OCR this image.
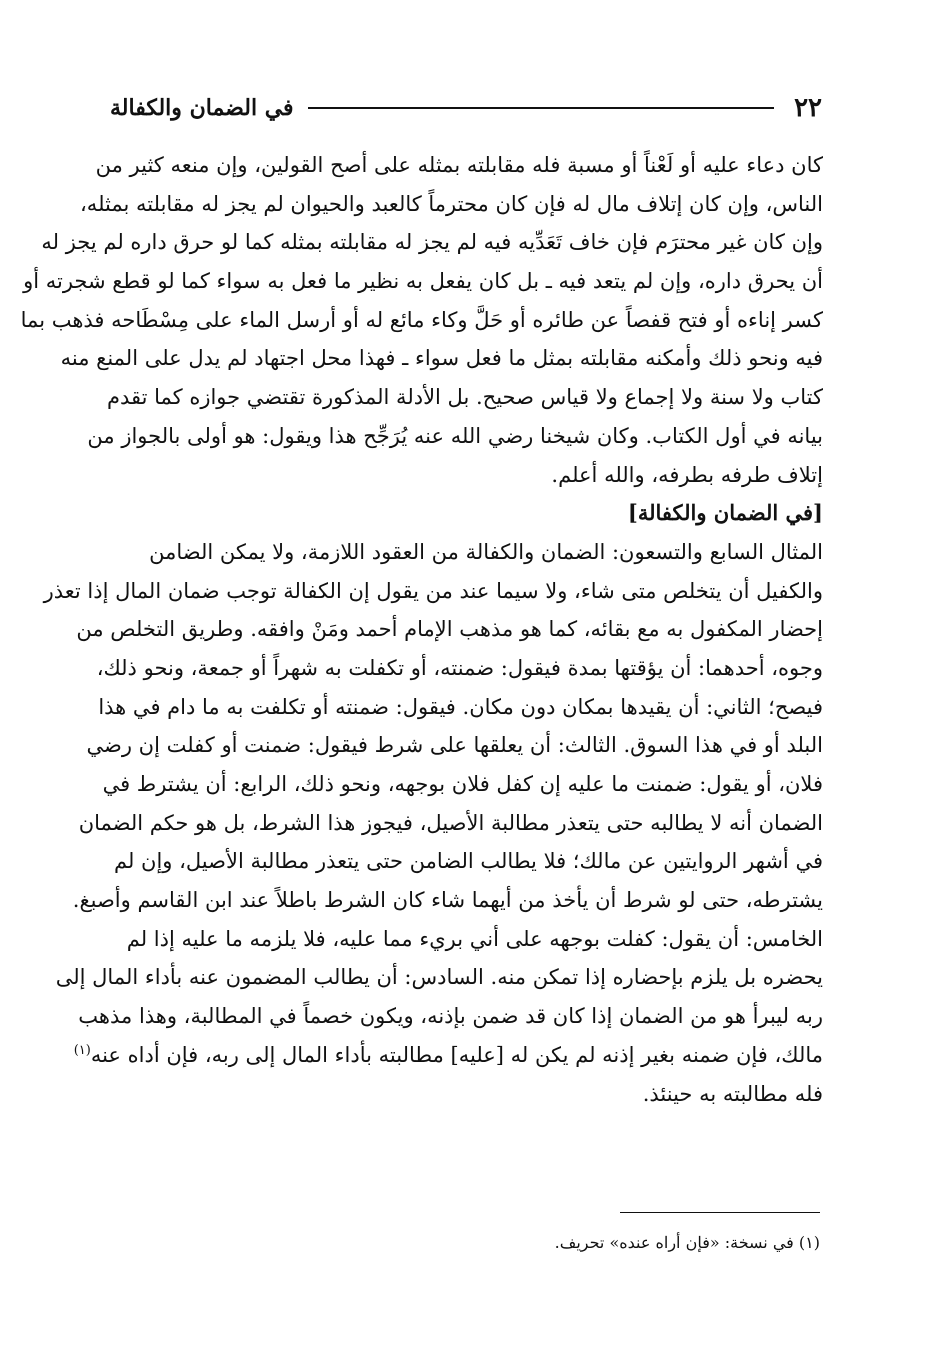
٢٢
في الضمان والكفالة
كان دعاء عليه أو لَعْناً أو مسبة فله مقابلته بمثله على أصح القولين، وإن منعه كثير من
الناس، وإن كان إتلاف مال له فإن كان محترماً كالعبد والحيوان لم يجز له مقابلته بمثله،
وإن كان غير محترَم فإن خاف تَعَدِّيه فيه لم يجز له مقابلته بمثله كما لو حرق داره لم يجز له
أن يحرق داره، وإن لم يتعد فيه ـ بل كان يفعل به نظير ما فعل به سواء كما لو قطع شجرته أو
كسر إناءه أو فتح قفصاً عن طائره أو حَلَّ وكاء مائع له أو أرسل الماء على مِسْطَاحه فذهب بما
فيه ونحو ذلك وأمكنه مقابلته بمثل ما فعل سواء ـ فهذا محل اجتهاد لم يدل على المنع منه
كتاب ولا سنة ولا إجماع ولا قياس صحيح. بل الأدلة المذكورة تقتضي جوازه كما تقدم
بيانه في أول الكتاب. وكان شيخنا رضي الله عنه يُرَجِّح هذا ويقول: هو أولى بالجواز من
إتلاف طرفه بطرفه، والله أعلم.
[في الضمان والكفالة]
المثال السابع والتسعون: الضمان والكفالة من العقود اللازمة، ولا يمكن الضامن
والكفيل أن يتخلص متى شاء، ولا سيما عند من يقول إن الكفالة توجب ضمان المال إذا تعذر
إحضار المكفول به مع بقائه، كما هو مذهب الإمام أحمد ومَنْ وافقه. وطريق التخلص من
وجوه، أحدهما: أن يؤقتها بمدة فيقول: ضمنته، أو تكفلت به شهراً أو جمعة، ونحو ذلك،
فيصح؛ الثاني: أن يقيدها بمكان دون مكان. فيقول: ضمنته أو تكلفت به ما دام في هذا
البلد أو في هذا السوق. الثالث: أن يعلقها على شرط فيقول: ضمنت أو كفلت إن رضي
فلان، أو يقول: ضمنت ما عليه إن كفل فلان بوجهه، ونحو ذلك، الرابع: أن يشترط في
الضمان أنه لا يطالبه حتى يتعذر مطالبة الأصيل، فيجوز هذا الشرط، بل هو حكم الضمان
في أشهر الروايتين عن مالك؛ فلا يطالب الضامن حتى يتعذر مطالبة الأصيل، وإن لم
يشترطه، حتى لو شرط أن يأخذ من أيهما شاء كان الشرط باطلاً عند ابن القاسم وأصبغ.
الخامس: أن يقول: كفلت بوجهه على أني بريء مما عليه، فلا يلزمه ما عليه إذا لم
يحضره بل يلزم بإحضاره إذا تمكن منه. السادس: أن يطالب المضمون عنه بأداء المال إلى
ربه ليبرأ هو من الضمان إذا كان قد ضمن بإذنه، ويكون خصماً في المطالبة، وهذا مذهب
مالك، فإن ضمنه بغير إذنه لم يكن له [عليه] مطالبته بأداء المال إلى ربه، فإن أداه عنه$^{(١)}$
فله مطالبته به حينئذ.
(١) في نسخة: «فإن أراه عنده» تحريف.
